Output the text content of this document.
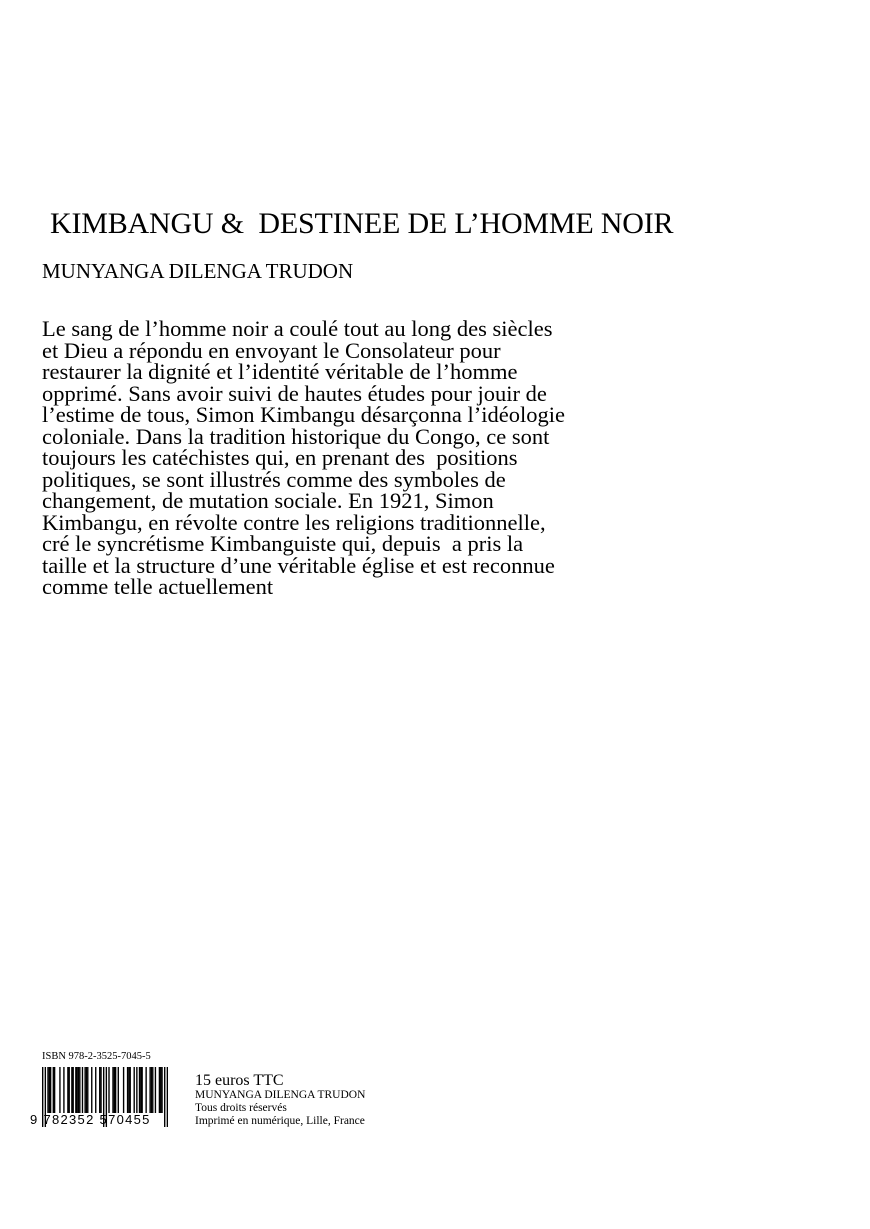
KIMBANGU &  DESTINEE DE L’HOMME NOIR
MUNYANGA DILENGA TRUDON
Le sang de l’homme noir a coulé tout au long des siècles
et Dieu a répondu en envoyant le Consolateur pour
restaurer la dignité et l’identité véritable de l’homme
opprimé. Sans avoir suivi de hautes études pour jouir de
l’estime de tous, Simon Kimbangu désarçonna l’idéologie
coloniale. Dans la tradition historique du Congo, ce sont
toujours les catéchistes qui, en prenant des  positions
politiques, se sont illustrés comme des symboles de
changement, de mutation sociale. En 1921, Simon
Kimbangu, en révolte contre les religions traditionnelle,
cré le syncrétisme Kimbanguiste qui, depuis  a pris la
taille et la structure d’une véritable église et est reconnue
comme telle actuellement
ISBN 978-2-3525-7045-5
9 782352 570455
15 euros TTC
MUNYANGA DILENGA TRUDON
Tous droits réservés
Imprimé en numérique, Lille, France
